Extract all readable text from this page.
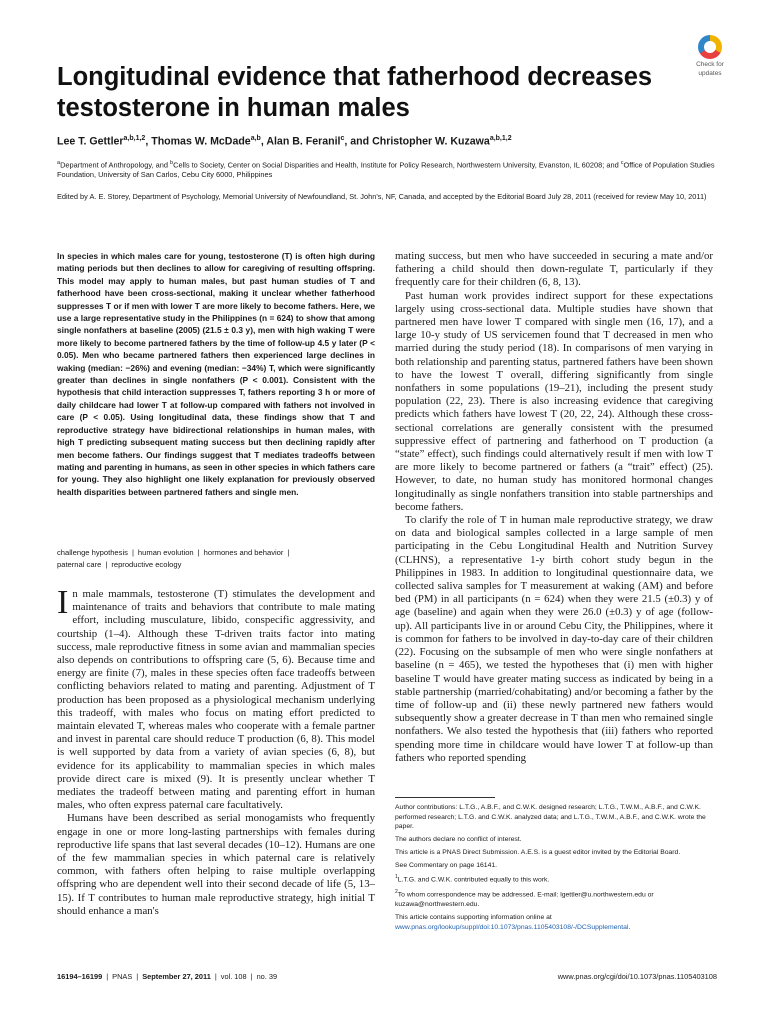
Check for
updates
Longitudinal evidence that fatherhood decreases testosterone in human males
Lee T. Gettler$^{a,b,1,2}$, Thomas W. McDade$^{a,b}$, Alan B. Feranil$^c$, and Christopher W. Kuzawa$^{a,b,1,2}$
$^a$Department of Anthropology, and $^b$Cells to Society, Center on Social Disparities and Health, Institute for Policy Research, Northwestern University, Evanston, IL 60208; and $^c$Office of Population Studies Foundation, University of San Carlos, Cebu City 6000, Philippines
Edited by A. E. Storey, Department of Psychology, Memorial University of Newfoundland, St. John's, NF, Canada, and accepted by the Editorial Board July 28, 2011 (received for review May 10, 2011)

In species in which males care for young, testosterone (T) is often high during mating periods but then declines to allow for caregiving of resulting offspring. This model may apply to human males, but past human studies of T and fatherhood have been cross-sectional, making it unclear whether fatherhood suppresses T or if men with lower T are more likely to become fathers. Here, we use a large representative study in the Philippines (n = 624) to show that among single nonfathers at baseline (2005) (21.5 ± 0.3 y), men with high waking T were more likely to become partnered fathers by the time of follow-up 4.5 y later (P < 0.05). Men who became partnered fathers then experienced large declines in waking (median: −26%) and evening (median: −34%) T, which were significantly greater than declines in single nonfathers (P < 0.001). Consistent with the hypothesis that child interaction suppresses T, fathers reporting 3 h or more of daily childcare had lower T at follow-up compared with fathers not involved in care (P < 0.05). Using longitudinal data, these findings show that T and reproductive strategy have bidirectional relationships in human males, with high T predicting subsequent mating success but then declining rapidly after men become fathers. Our findings suggest that T mediates tradeoffs between mating and parenting in humans, as seen in other species in which fathers care for young. They also highlight one likely explanation for previously observed health disparities between partnered fathers and single men.

challenge hypothesis | human evolution | hormones and behavior |
paternal care | reproductive ecology

In male mammals, testosterone (T) stimulates the development and maintenance of traits and behaviors that contribute to male mating effort, including musculature, libido, conspecific aggressivity, and courtship (1–4). Although these T-driven traits factor into mating success, male reproductive fitness in some avian and mammalian species also depends on contributions to offspring care (5, 6). Because time and energy are finite (7), males in these species often face tradeoffs between conflicting behaviors related to mating and parenting. Adjustment of T production has been proposed as a physiological mechanism underlying this tradeoff, with males who focus on mating effort predicted to maintain elevated T, whereas males who cooperate with a female partner and invest in parental care should reduce T production (6, 8). This model is well supported by data from a variety of avian species (6, 8), but evidence for its applicability to mammalian species in which males provide direct care is mixed (9). It is presently unclear whether T mediates the tradeoff between mating and parenting effort in human males, who often express paternal care facultatively.

Humans have been described as serial monogamists who frequently engage in one or more long-lasting partnerships with females during reproductive life spans that last several decades (10–12). Humans are one of the few mammalian species in which paternal care is relatively common, with fathers often helping to raise multiple overlapping offspring who are dependent well into their second decade of life (5, 13–15). If T contributes to human male reproductive strategy, high initial T should enhance a man's

mating success, but men who have succeeded in securing a mate and/or fathering a child should then down-regulate T, particularly if they frequently care for their children (6, 8, 13).

Past human work provides indirect support for these expectations largely using cross-sectional data. Multiple studies have shown that partnered men have lower T compared with single men (16, 17), and a large 10-y study of US servicemen found that T decreased in men who married during the study period (18). In comparisons of men varying in both relationship and parenting status, partnered fathers have been shown to have the lowest T overall, differing significantly from single nonfathers in some populations (19–21), including the present study population (22, 23). There is also increasing evidence that caregiving predicts which fathers have lowest T (20, 22, 24). Although these cross-sectional correlations are generally consistent with the presumed suppressive effect of partnering and fatherhood on T production (a “state” effect), such findings could alternatively result if men with low T are more likely to become partnered or fathers (a “trait” effect) (25). However, to date, no human study has monitored hormonal changes longitudinally as single nonfathers transition into stable partnerships and become fathers.

To clarify the role of T in human male reproductive strategy, we draw on data and biological samples collected in a large sample of men participating in the Cebu Longitudinal Health and Nutrition Survey (CLHNS), a representative 1-y birth cohort study begun in the Philippines in 1983. In addition to longitudinal questionnaire data, we collected saliva samples for T measurement at waking (AM) and before bed (PM) in all participants (n = 624) when they were 21.5 (±0.3) y of age (baseline) and again when they were 26.0 (±0.3) y of age (follow-up). All participants live in or around Cebu City, the Philippines, where it is common for fathers to be involved in day-to-day care of their children (22). Focusing on the subsample of men who were single nonfathers at baseline (n = 465), we tested the hypotheses that (i) men with higher baseline T would have greater mating success as indicated by being in a stable partnership (married/cohabitating) and/or becoming a father by the time of follow-up and (ii) these newly partnered new fathers would subsequently show a greater decrease in T than men who remained single nonfathers. We also tested the hypothesis that (iii) fathers who reported spending more time in childcare would have lower T at follow-up than fathers who reported spending

Author contributions: L.T.G., A.B.F., and C.W.K. designed research; L.T.G., T.W.M., A.B.F., and C.W.K. performed research; L.T.G. and C.W.K. analyzed data; and L.T.G., T.W.M., A.B.F., and C.W.K. wrote the paper.

The authors declare no conflict of interest.

This article is a PNAS Direct Submission. A.E.S. is a guest editor invited by the Editorial Board.

See Commentary on page 16141.

$^1$L.T.G. and C.W.K. contributed equally to this work.

$^2$To whom correspondence may be addressed. E-mail: lgettler@u.northwestern.edu or kuzawa@northwestern.edu.

This article contains supporting information online at www.pnas.org/lookup/suppl/doi:10.1073/pnas.1105403108/-/DCSupplemental.

16194–16199 | PNAS | September 27, 2011 | vol. 108 | no. 39	www.pnas.org/cgi/doi/10.1073/pnas.1105403108
